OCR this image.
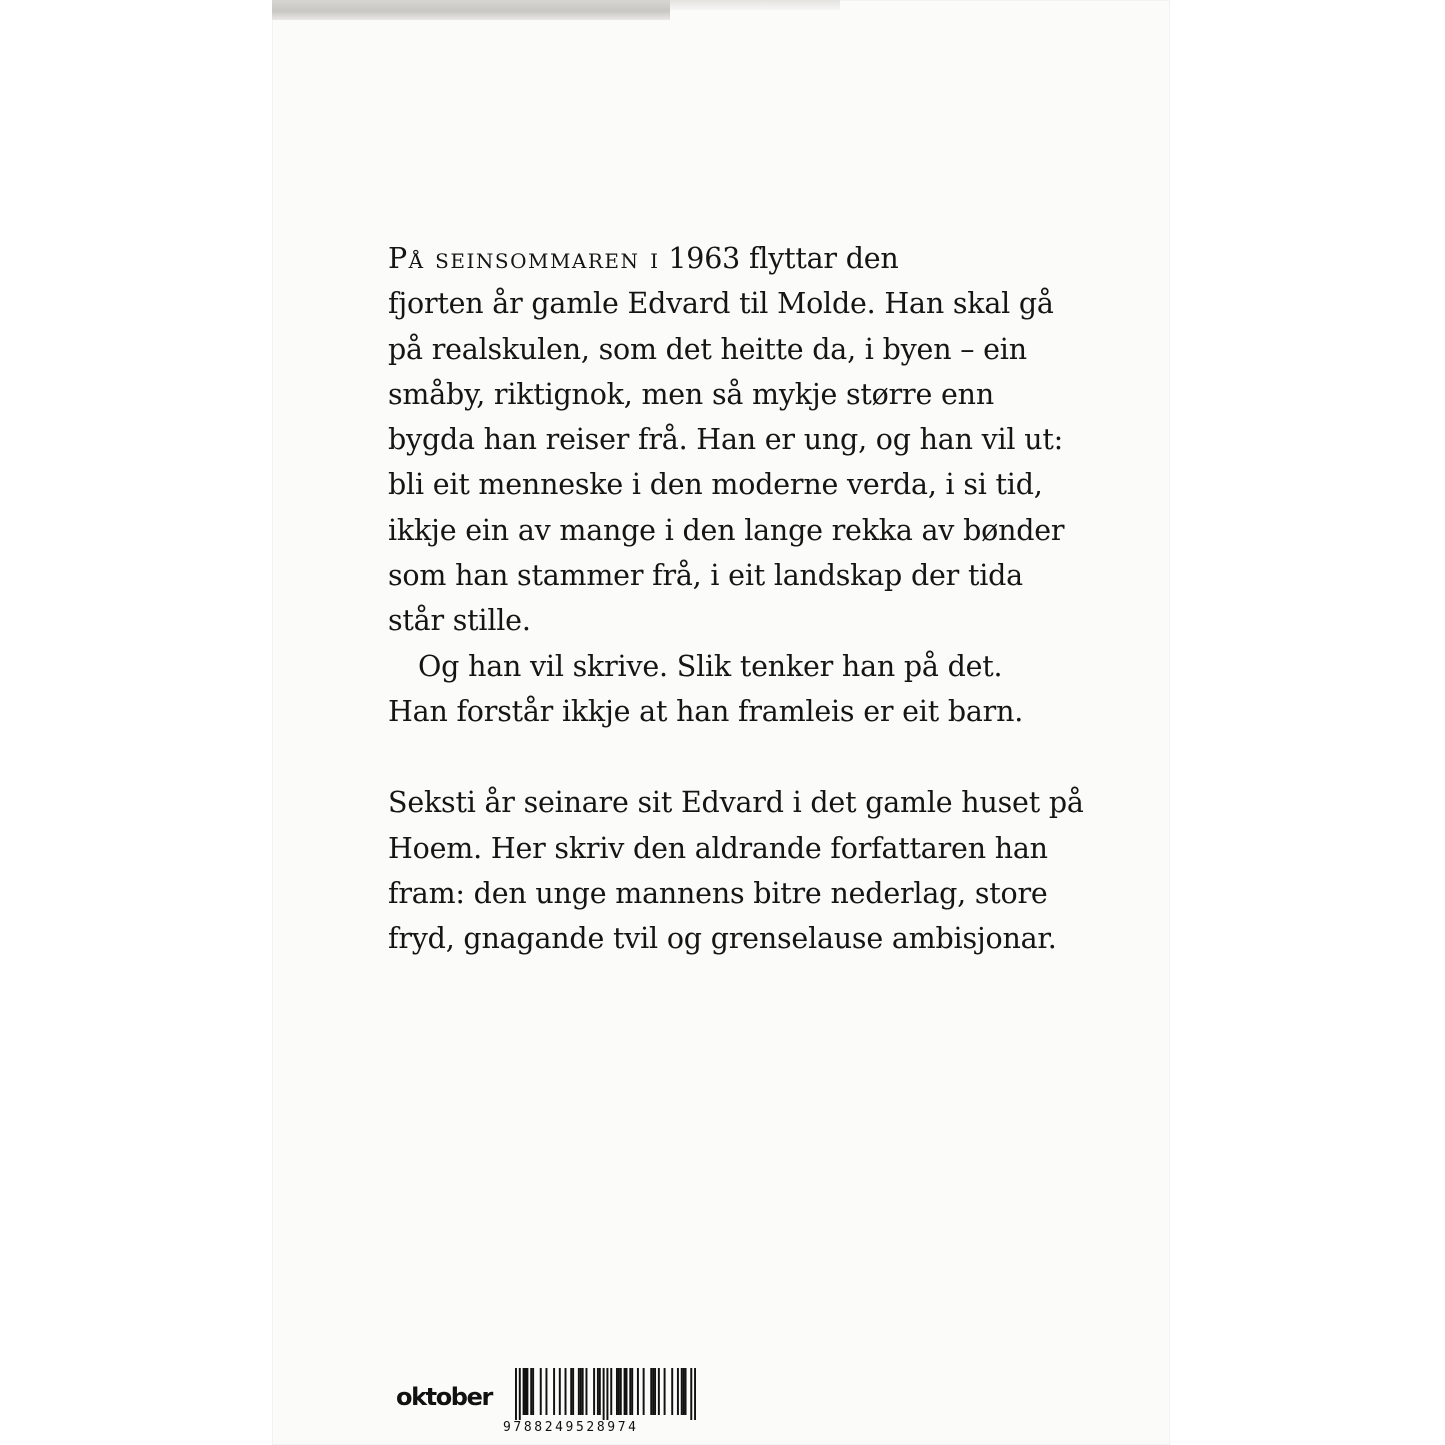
På seinsommaren i 1963 flyttar den
fjorten år gamle Edvard til Molde. Han skal gå
på realskulen, som det heitte da, i byen – ein
småby, riktignok, men så mykje større enn
bygda han reiser frå. Han er ung, og han vil ut:
bli eit menneske i den moderne verda, i si tid,
ikkje ein av mange i den lange rekka av bønder
som han stammer frå, i eit landskap der tida
står stille.
Og han vil skrive. Slik tenker han på det.
Han forstår ikkje at han framleis er eit barn.
Seksti år seinare sit Edvard i det gamle huset på
Hoem. Her skriv den aldrande forfattaren han
fram: den unge mannens bitre nederlag, store
fryd, gnagande tvil og grenselause ambisjonar.
oktober
9788249528974
